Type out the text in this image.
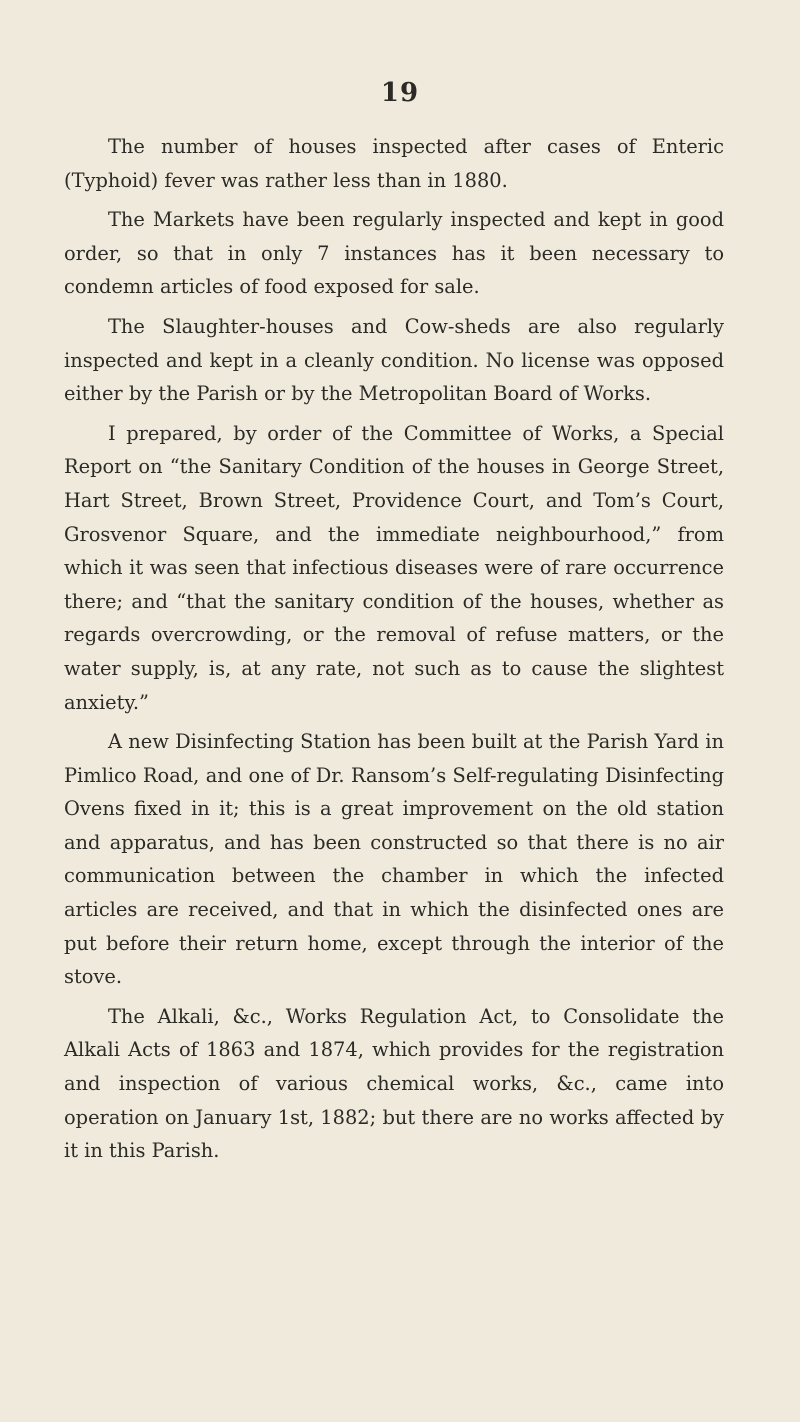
19

The number of houses inspected after cases of Enteric (Typhoid) fever was rather less than in 1880.

The Markets have been regularly inspected and kept in good order, so that in only 7 instances has it been necessary to condemn articles of food exposed for sale.

The Slaughter-houses and Cow-sheds are also regularly inspected and kept in a cleanly condition. No license was opposed either by the Parish or by the Metropolitan Board of Works.

I prepared, by order of the Committee of Works, a Special Report on “the Sanitary Condition of the houses in George Street, Hart Street, Brown Street, Providence Court, and Tom’s Court, Grosvenor Square, and the immediate neighbourhood,” from which it was seen that infectious diseases were of rare occurrence there; and “that the sanitary condition of the houses, whether as regards overcrowding, or the removal of refuse matters, or the water supply, is, at any rate, not such as to cause the slightest anxiety.”

A new Disinfecting Station has been built at the Parish Yard in Pimlico Road, and one of Dr. Ransom’s Self-regulating Disinfecting Ovens fixed in it; this is a great improvement on the old station and apparatus, and has been constructed so that there is no air communication between the chamber in which the infected articles are received, and that in which the disinfected ones are put before their return home, except through the interior of the stove.

The Alkali, &c., Works Regulation Act, to Consolidate the Alkali Acts of 1863 and 1874, which provides for the registration and inspection of various chemical works, &c., came into operation on January 1st, 1882; but there are no works affected by it in this Parish.
